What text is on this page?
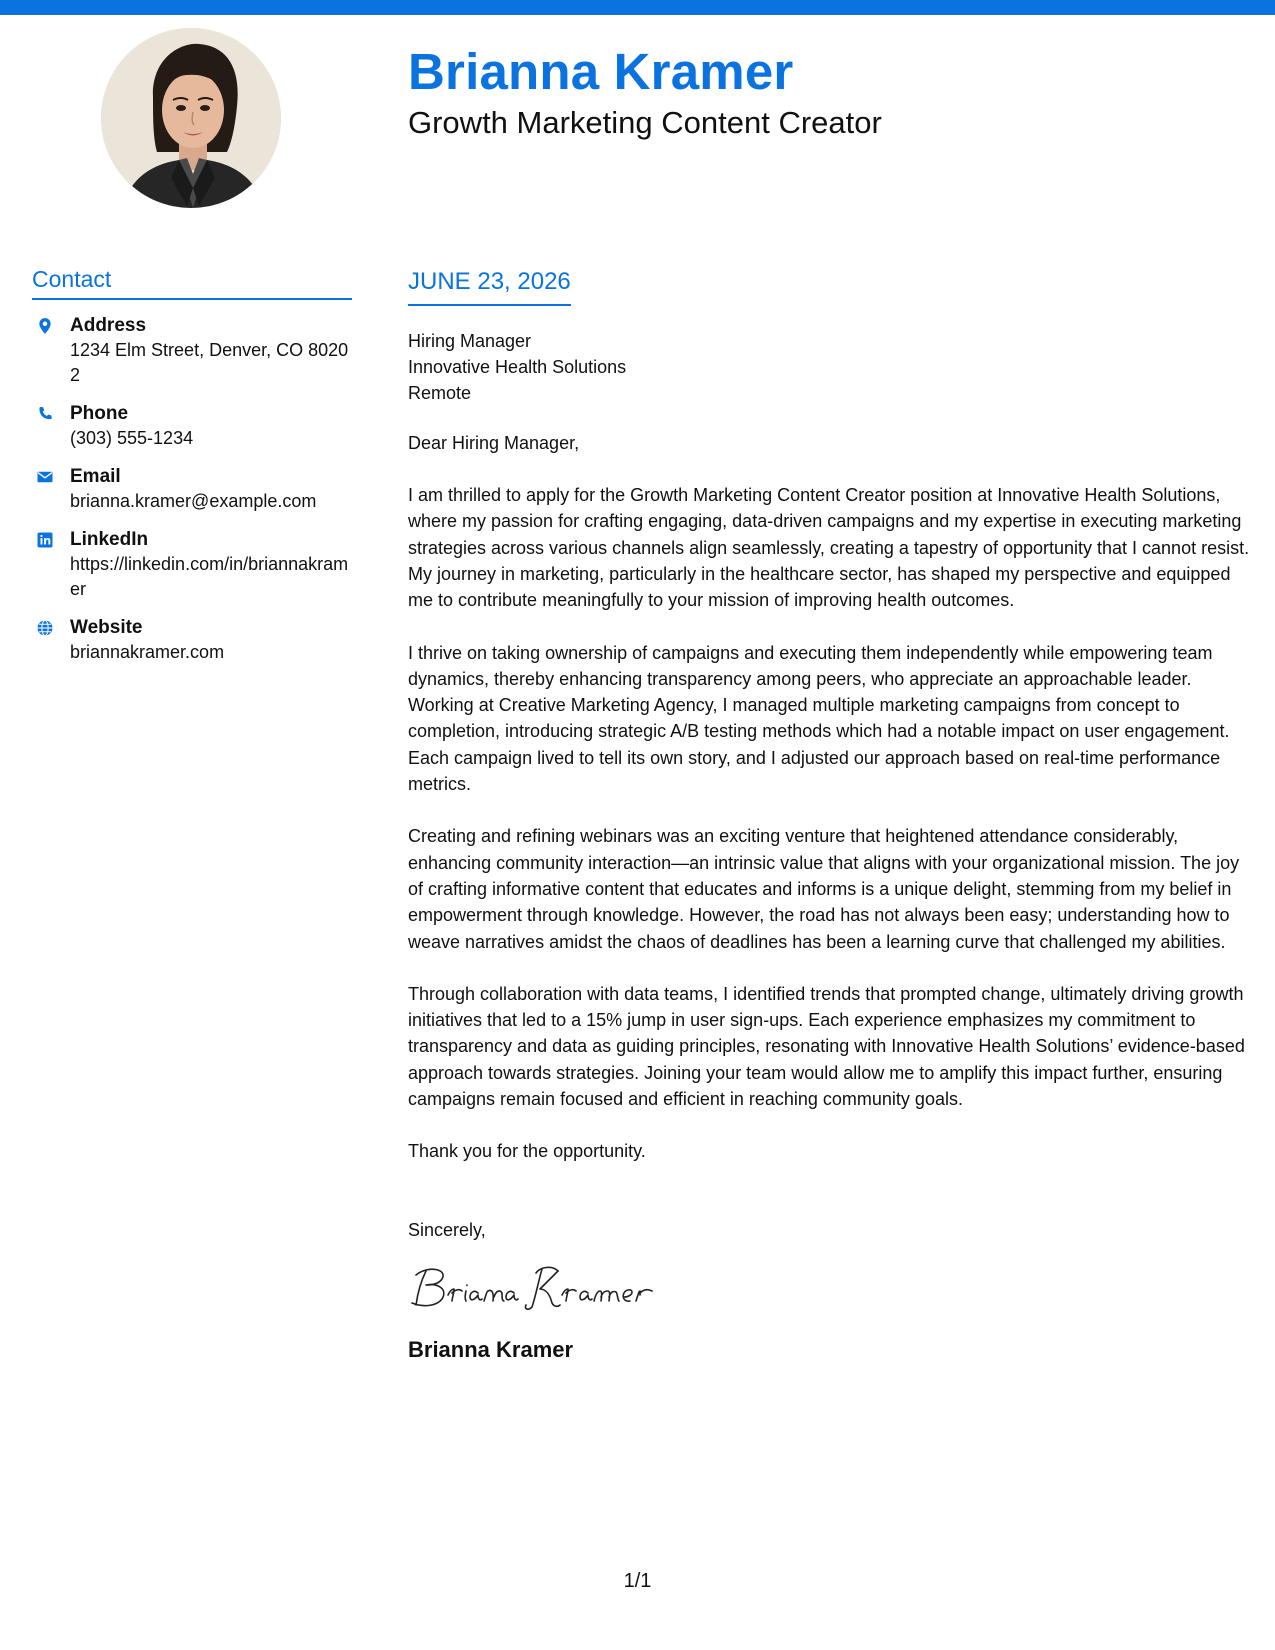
Brianna Kramer
Growth Marketing Content Creator
Contact
Address
1234 Elm Street, Denver, CO 80202
Phone
(303) 555-1234
Email
brianna.kramer@example.com
LinkedIn
https://linkedin.com/in/briannakramer
Website
briannakramer.com
JUNE 23, 2026
Hiring Manager
Innovative Health Solutions
Remote

Dear Hiring Manager,

I am thrilled to apply for the Growth Marketing Content Creator position at Innovative Health Solutions, where my passion for crafting engaging, data-driven campaigns and my expertise in executing marketing strategies across various channels align seamlessly, creating a tapestry of opportunity that I cannot resist. My journey in marketing, particularly in the healthcare sector, has shaped my perspective and equipped me to contribute meaningfully to your mission of improving health outcomes.

I thrive on taking ownership of campaigns and executing them independently while empowering team dynamics, thereby enhancing transparency among peers, who appreciate an approachable leader. Working at Creative Marketing Agency, I managed multiple marketing campaigns from concept to completion, introducing strategic A/B testing methods which had a notable impact on user engagement. Each campaign lived to tell its own story, and I adjusted our approach based on real-time performance metrics.

Creating and refining webinars was an exciting venture that heightened attendance considerably, enhancing community interaction—an intrinsic value that aligns with your organizational mission. The joy of crafting informative content that educates and informs is a unique delight, stemming from my belief in empowerment through knowledge. However, the road has not always been easy; understanding how to weave narratives amidst the chaos of deadlines has been a learning curve that challenged my abilities.

Through collaboration with data teams, I identified trends that prompted change, ultimately driving growth initiatives that led to a 15% jump in user sign-ups. Each experience emphasizes my commitment to transparency and data as guiding principles, resonating with Innovative Health Solutions’ evidence-based approach towards strategies. Joining your team would allow me to amplify this impact further, ensuring campaigns remain focused and efficient in reaching community goals.

Thank you for the opportunity.

Sincerely,

Brianna Kramer
1/1
